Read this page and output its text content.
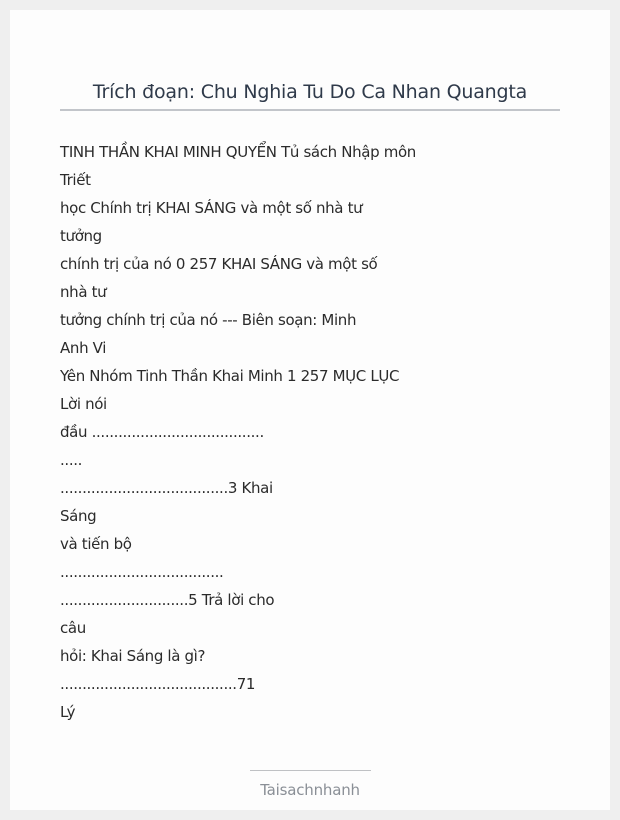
Trích đoạn: Chu Nghia Tu Do Ca Nhan Quangta
TINH THẦN KHAI MINH QUYỂN Tủ sách Nhập môn
Triết
học Chính trị KHAI SÁNG và một số nhà tư
tưởng
chính trị của nó 0 257 KHAI SÁNG và một số
nhà tư
tưởng chính trị của nó --- Biên soạn: Minh
Anh Vi
Yên Nhóm Tinh Thần Khai Minh 1 257 MỤC LỤC
Lời nói
đầu .......................................
.....
......................................3 Khai
Sáng
và tiến bộ
.....................................
.............................5 Trả lời cho
câu
hỏi: Khai Sáng là gì?
........................................71
Lý
Taisachnhanh
